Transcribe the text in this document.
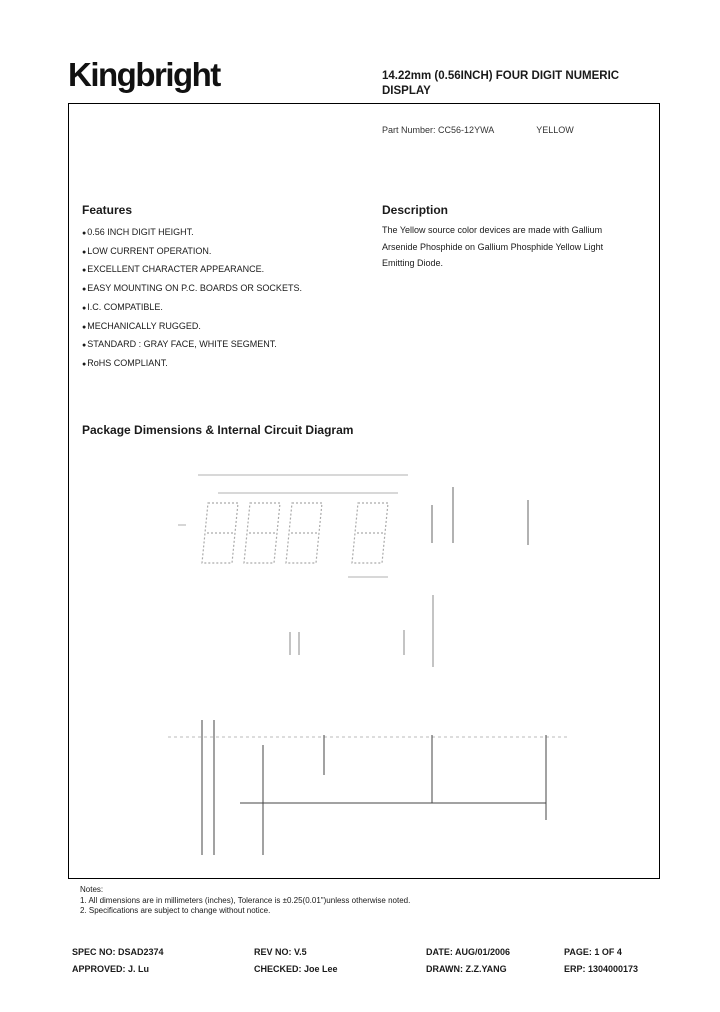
Kingbright	14.22mm (0.56INCH) FOUR DIGIT NUMERIC
DISPLAY
Part Number: CC56-12YWA	YELLOW
Features
● 0.56 INCH DIGIT HEIGHT.
● LOW CURRENT OPERATION.
● EXCELLENT CHARACTER APPEARANCE.
● EASY MOUNTING ON P.C. BOARDS OR SOCKETS.
● I.C. COMPATIBLE.
● MECHANICALLY RUGGED.
● STANDARD : GRAY FACE, WHITE SEGMENT.
● RoHS COMPLIANT.
Description
The Yellow source color devices are made with Gallium
Arsenide Phosphide on Gallium Phosphide Yellow Light
Emitting Diode.
Package Dimensions & Internal Circuit Diagram
Notes:
1. All dimensions are in millimeters (inches), Tolerance is ±0.25(0.01")unless otherwise noted.
2. Specifications are subject to change without notice.
SPEC NO: DSAD2374	REV NO: V.5	DATE: AUG/01/2006	PAGE: 1 OF 4
APPROVED: J. Lu	CHECKED: Joe Lee	DRAWN: Z.Z.YANG	ERP: 1304000173
